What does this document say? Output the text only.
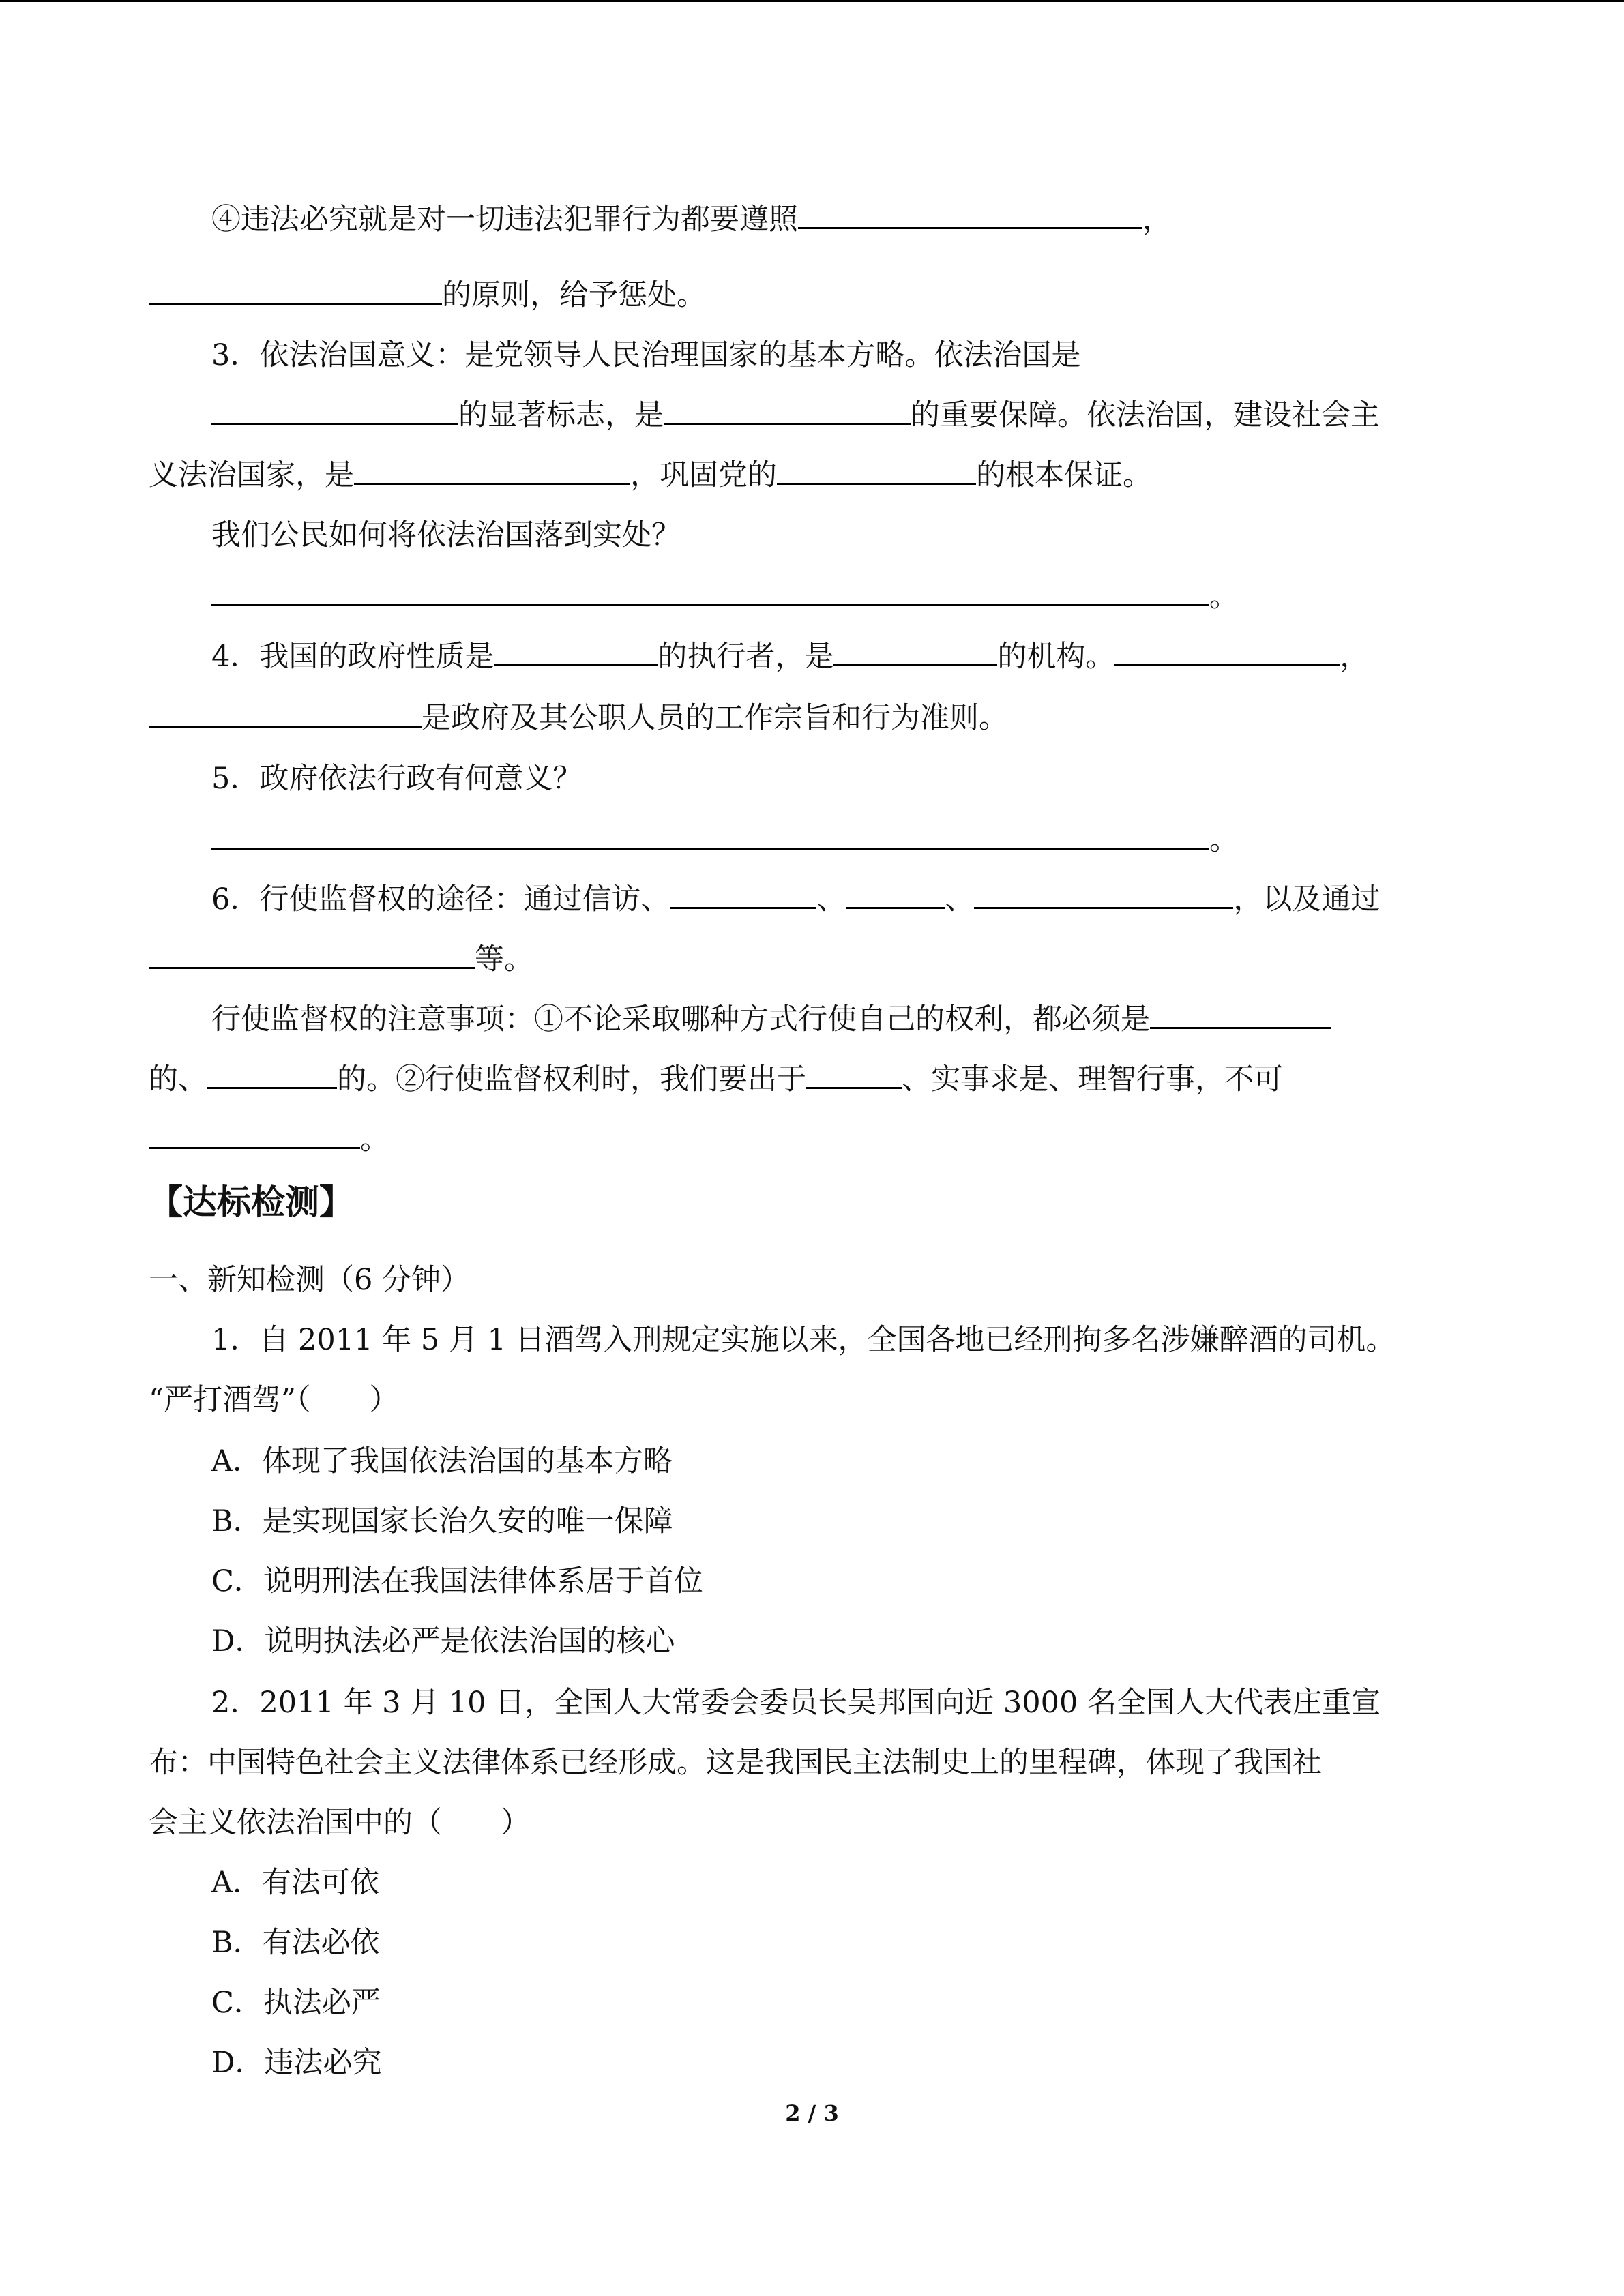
④违法必究就是对一切违法犯罪行为都要遵照	，
的原则，给予惩处。
3．依法治国意义：是党领导人民治理国家的基本方略。依法治国是
的显著标志，是	的重要保障。依法治国，建设社会主
义法治国家，是	，巩固党的	的根本保证。
我们公民如何将依法治国落到实处？
。
4．我国的政府性质是	的执行者，是	的机构。	，
是政府及其公职人员的工作宗旨和行为准则。
5．政府依法行政有何意义？
。
6．行使监督权的途径：通过信访、	、	、	，以及通过
等。
行使监督权的注意事项：①不论采取哪种方式行使自己的权利，都必须是
的、	的。②行使监督权利时，我们要出于	、实事求是、理智行事，不可
。
【达标检测】
一、新知检测（6 分钟）
1．自 2011 年 5 月 1 日酒驾入刑规定实施以来，全国各地已经刑拘多名涉嫌醉酒的司机。
“严打酒驾”（　　）
A．体现了我国依法治国的基本方略
B．是实现国家长治久安的唯一保障
C．说明刑法在我国法律体系居于首位
D．说明执法必严是依法治国的核心
2．2011 年 3 月 10 日，全国人大常委会委员长吴邦国向近 3000 名全国人大代表庄重宣
布：中国特色社会主义法律体系已经形成。这是我国民主法制史上的里程碑，体现了我国社
会主义依法治国中的（　　）
A．有法可依
B．有法必依
C．执法必严
D．违法必究
2 / 3
